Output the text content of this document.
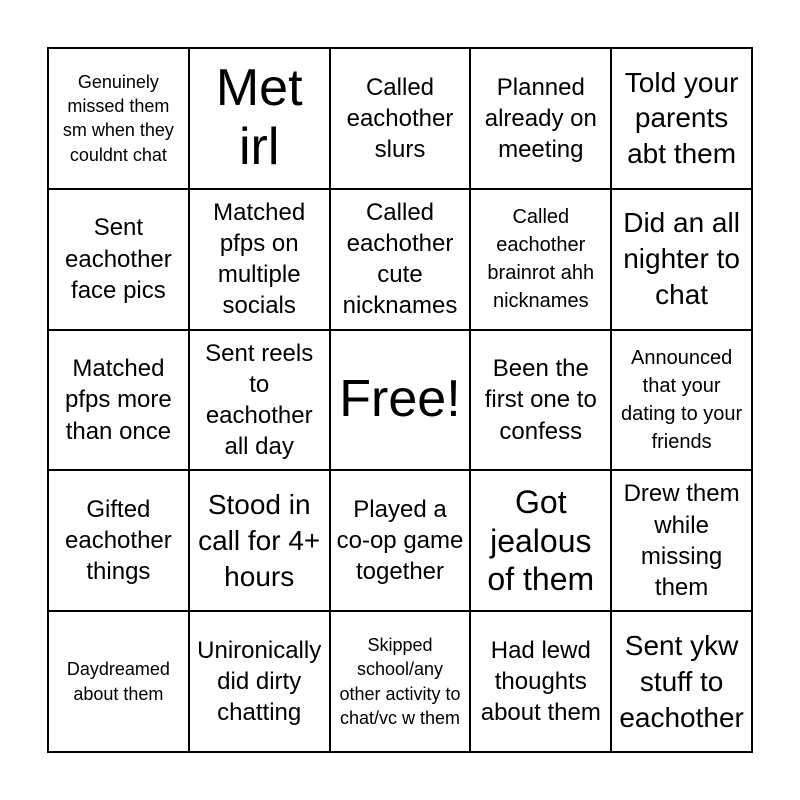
Genuinely missed them sm when they couldnt chat
Met irl
Called eachother slurs
Planned already on meeting
Told your parents abt them
Sent eachother face pics
Matched pfps on multiple socials
Called eachother cute nicknames
Called eachother brainrot ahh nicknames
Did an all nighter to chat
Matched pfps more than once
Sent reels to eachother all day
Free!
Been the first one to confess
Announced that your dating to your friends
Gifted eachother things
Stood in call for 4+ hours
Played a co-op game together
Got jealous of them
Drew them while missing them
Daydreamed about them
Unironically did dirty chatting
Skipped school/any other activity to chat/vc w them
Had lewd thoughts about them
Sent ykw stuff to eachother
